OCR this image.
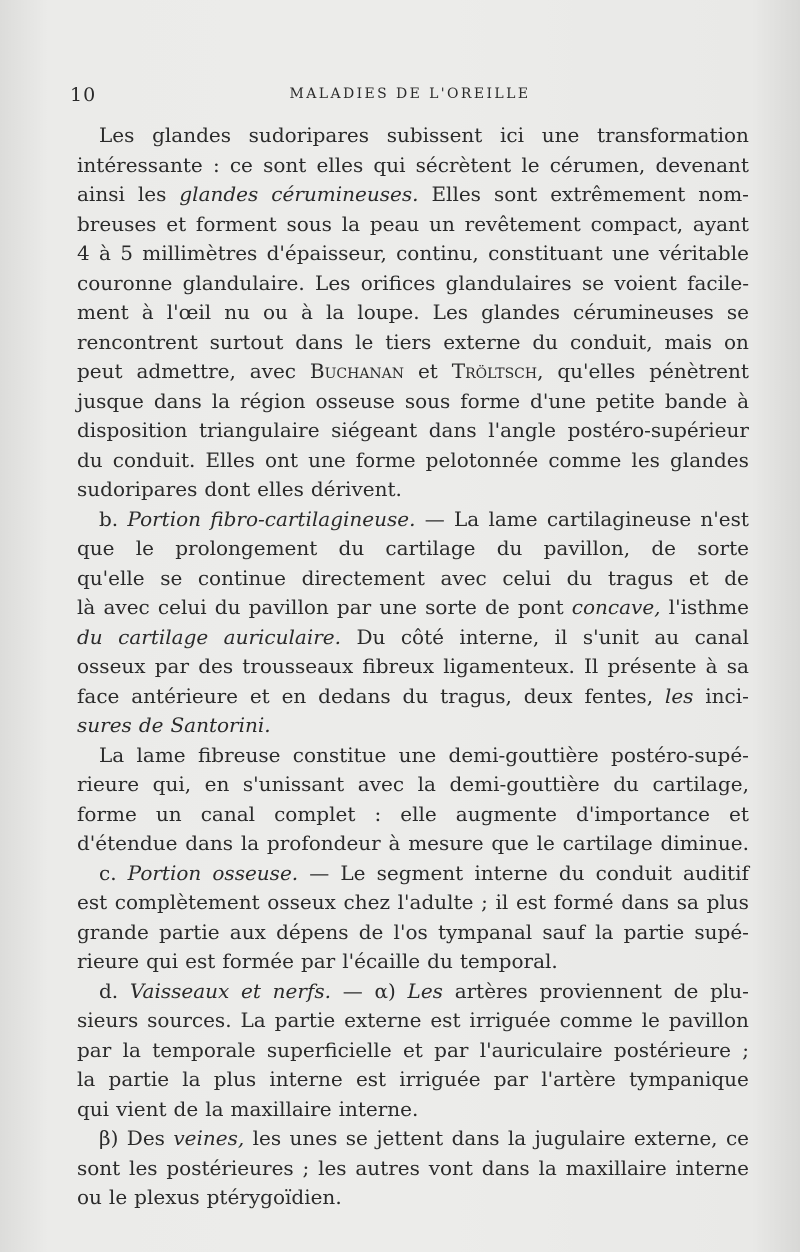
10	MALADIES DE L'OREILLE
Les glandes sudoripares subissent ici une transformation
intéressante : ce sont elles qui sécrètent le cérumen, devenant
ainsi les glandes cérumineuses. Elles sont extrêmement nom-
breuses et forment sous la peau un revêtement compact, ayant
4 à 5 millimètres d'épaisseur, continu, constituant une véritable
couronne glandulaire. Les orifices glandulaires se voient facile-
ment à l'œil nu ou à la loupe. Les glandes cérumineuses se
rencontrent surtout dans le tiers externe du conduit, mais on
peut admettre, avec Buchanan et Tröltsch, qu'elles pénètrent
jusque dans la région osseuse sous forme d'une petite bande à
disposition triangulaire siégeant dans l'angle postéro-supérieur
du conduit. Elles ont une forme pelotonnée comme les glandes
sudoripares dont elles dérivent.
b. Portion fibro-cartilagineuse. — La lame cartilagineuse n'est
que le prolongement du cartilage du pavillon, de sorte
qu'elle se continue directement avec celui du tragus et de
là avec celui du pavillon par une sorte de pont concave, l'isthme
du cartilage auriculaire. Du côté interne, il s'unit au canal
osseux par des trousseaux fibreux ligamenteux. Il présente à sa
face antérieure et en dedans du tragus, deux fentes, les inci-
sures de Santorini.
La lame fibreuse constitue une demi-gouttière postéro-supé-
rieure qui, en s'unissant avec la demi-gouttière du cartilage,
forme un canal complet : elle augmente d'importance et
d'étendue dans la profondeur à mesure que le cartilage diminue.
c. Portion osseuse. — Le segment interne du conduit auditif
est complètement osseux chez l'adulte ; il est formé dans sa plus
grande partie aux dépens de l'os tympanal sauf la partie supé-
rieure qui est formée par l'écaille du temporal.
d. Vaisseaux et nerfs. — α) Les artères proviennent de plu-
sieurs sources. La partie externe est irriguée comme le pavillon
par la temporale superficielle et par l'auriculaire postérieure ;
la partie la plus interne est irriguée par l'artère tympanique
qui vient de la maxillaire interne.
β) Des veines, les unes se jettent dans la jugulaire externe, ce
sont les postérieures ; les autres vont dans la maxillaire interne
ou le plexus ptérygoïdien.
